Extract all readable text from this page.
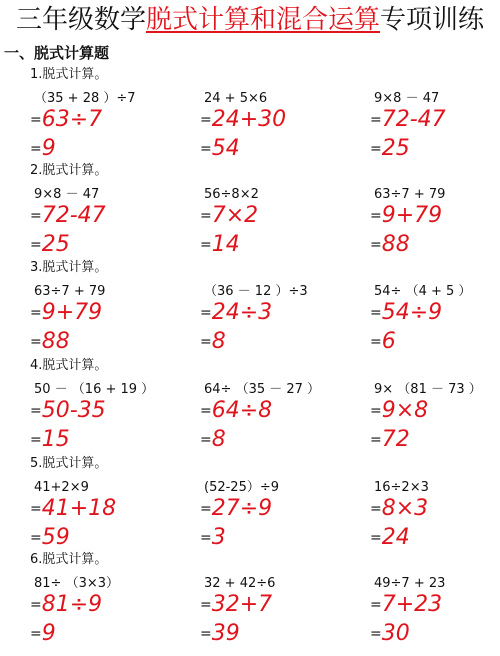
三年级数学脱式计算和混合运算专项训练
一、脱式计算题
1.脱式计算。
（35 + 28 ）÷7
=63÷7
=9
24 + 5×6
=24+30
=54
9×8 － 47
=72-47
=25
2.脱式计算。
9×8 － 47
=72-47
=25
56÷8×2
=7×2
=14
63÷7 + 79
=9+79
=88
3.脱式计算。
63÷7 + 79
=9+79
=88
（36 － 12 ）÷3
=24÷3
=8
54÷ （4 + 5 ）
=54÷9
=6
4.脱式计算。
50 － （16 + 19 ）
=50-35
=15
64÷ （35 － 27 ）
=64÷8
=8
9× （81 － 73 ）
=9×8
=72
5.脱式计算。
41+2×9
=41+18
=59
(52-25）÷9
=27÷9
=3
16÷2×3
=8×3
=24
6.脱式计算。
81÷ （3×3）
=81÷9
=9
32 + 42÷6
=32+7
=39
49÷7 + 23
=7+23
=30
